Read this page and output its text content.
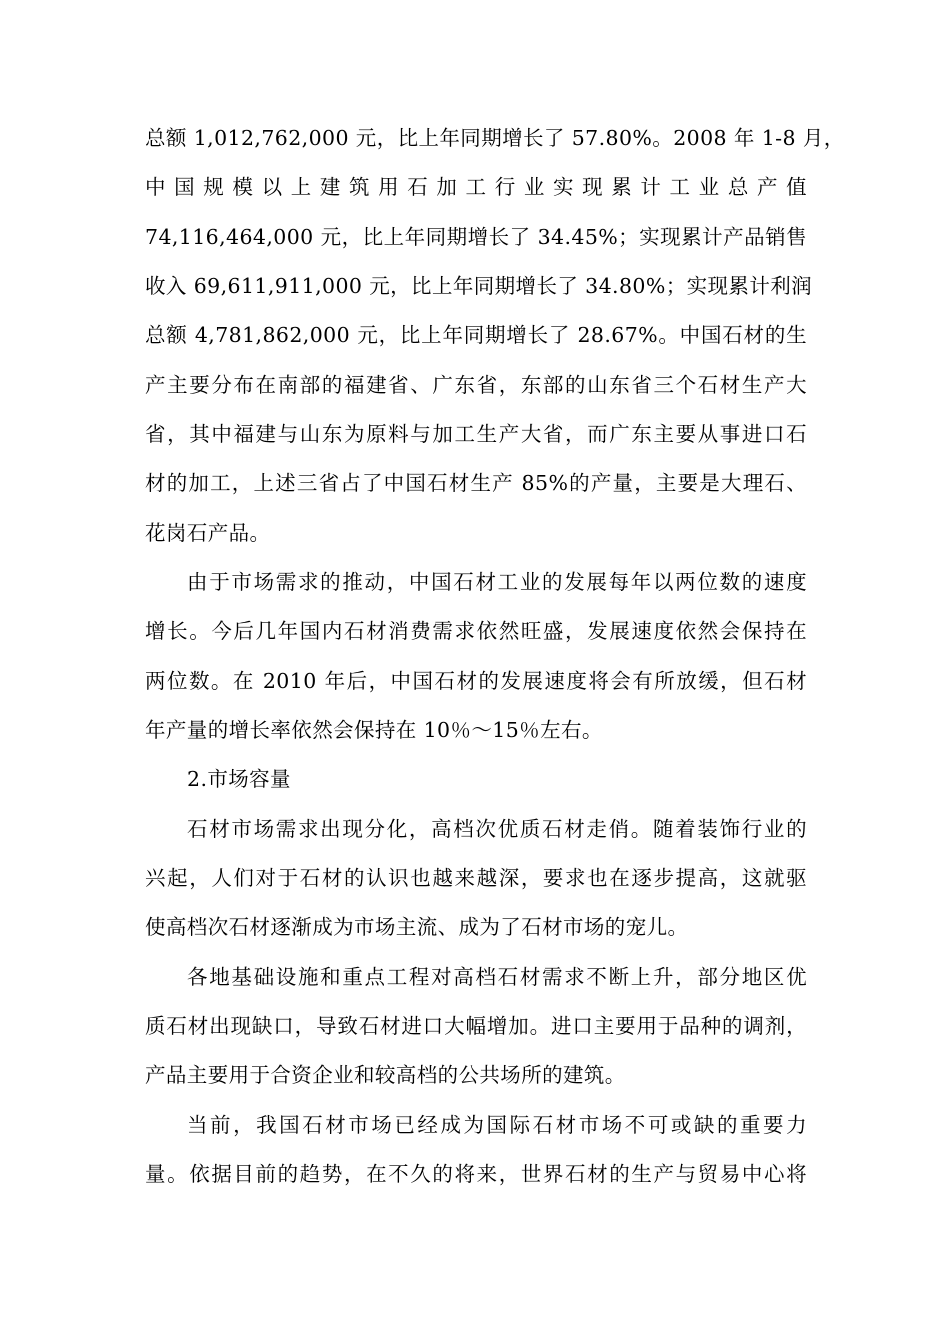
总额 1,012,762,000 元，比上年同期增长了 57.80%。2008 年 1-8 月，
中国规模以上建筑用石加工行业实现累计工业总产值
74,116,464,000 元，比上年同期增长了 34.45%；实现累计产品销售
收入 69,611,911,000 元，比上年同期增长了 34.80%；实现累计利润
总额 4,781,862,000 元，比上年同期增长了 28.67%。中国石材的生
产主要分布在南部的福建省、广东省，东部的山东省三个石材生产大
省，其中福建与山东为原料与加工生产大省，而广东主要从事进口石
材的加工，上述三省占了中国石材生产 85%的产量，主要是大理石、
花岗石产品。
由于市场需求的推动，中国石材工业的发展每年以两位数的速度
增长。今后几年国内石材消费需求依然旺盛，发展速度依然会保持在
两位数。在 2010 年后，中国石材的发展速度将会有所放缓，但石材
年产量的增长率依然会保持在 10％～15％左右。
2.市场容量
石材市场需求出现分化，高档次优质石材走俏。随着装饰行业的
兴起，人们对于石材的认识也越来越深，要求也在逐步提高，这就驱
使高档次石材逐渐成为市场主流、成为了石材市场的宠儿。
各地基础设施和重点工程对高档石材需求不断上升，部分地区优
质石材出现缺口，导致石材进口大幅增加。进口主要用于品种的调剂，
产品主要用于合资企业和较高档的公共场所的建筑。
当前，我国石材市场已经成为国际石材市场不可或缺的重要力
量。依据目前的趋势，在不久的将来，世界石材的生产与贸易中心将
